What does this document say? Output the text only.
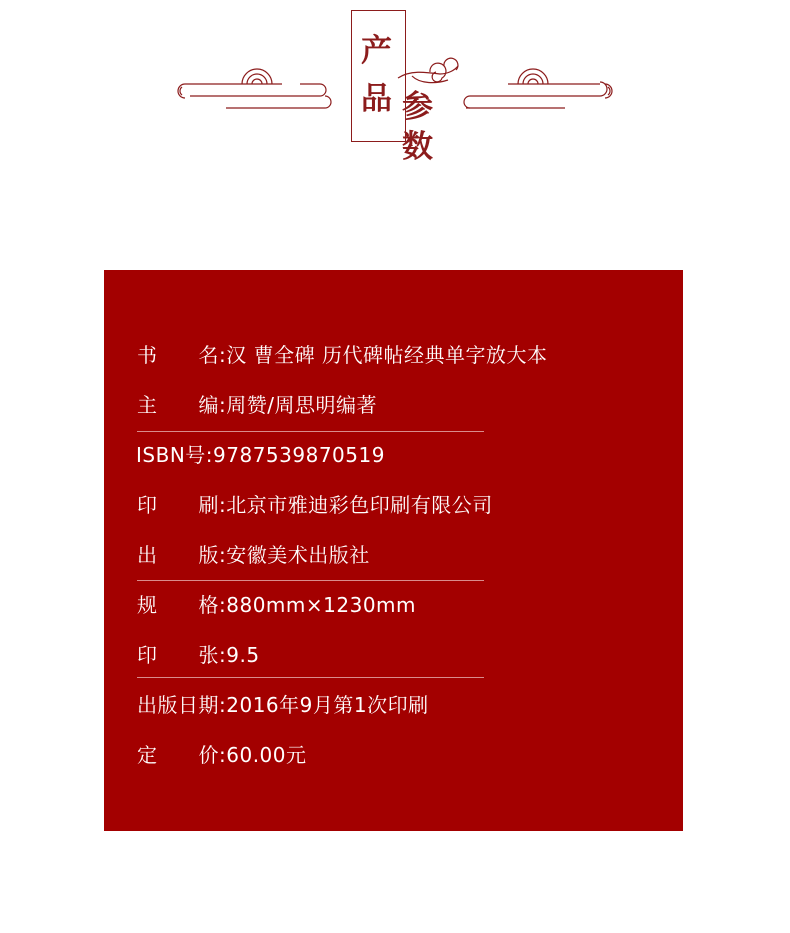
产
品 参
数
书　　名:汉 曹全碑 历代碑帖经典单字放大本
主　　编:周赞/周思明编著
ISBN号:9787539870519
印　　刷:北京市雅迪彩色印刷有限公司
出　　版:安徽美术出版社
规　　格:880mm×1230mm
印　　张:9.5
出版日期:2016年9月第1次印刷
定　　价:60.00元
